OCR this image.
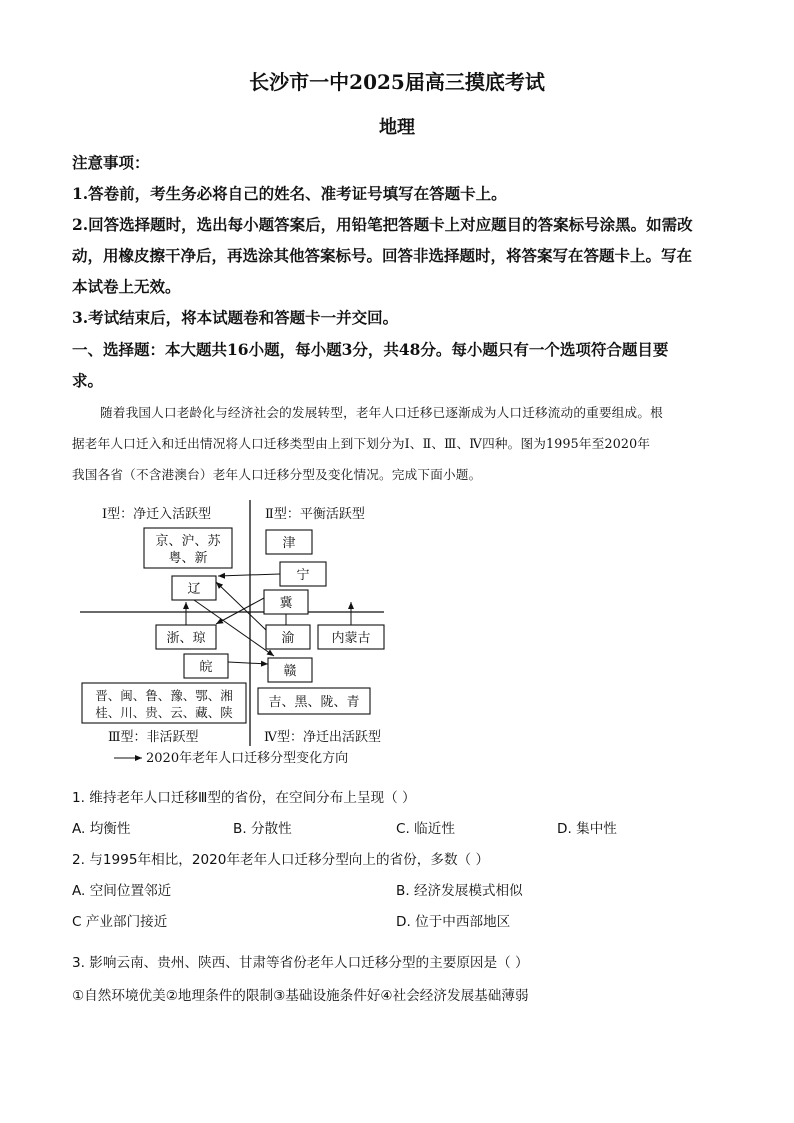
长沙市一中2025届高三摸底考试
地理
注意事项：
1.答卷前，考生务必将自己的姓名、准考证号填写在答题卡上。
2.回答选择题时，选出每小题答案后，用铅笔把答题卡上对应题目的答案标号涂黑。如需改
动，用橡皮擦干净后，再选涂其他答案标号。回答非选择题时，将答案写在答题卡上。写在
本试卷上无效。
3.考试结束后，将本试题卷和答题卡一并交回。
一、选择题：本大题共16小题，每小题3分，共48分。每小题只有一个选项符合题目要
求。
随着我国人口老龄化与经济社会的发展转型，老年人口迁移已逐渐成为人口迁移流动的重要组成。根
据老年人口迁入和迁出情况将人口迁移类型由上到下划分为Ⅰ、Ⅱ、Ⅲ、Ⅳ四种。图为1995年至2020年
我国各省（不含港澳台）老年人口迁移分型及变化情况。完成下面小题。
Ⅰ型：净迁入活跃型	Ⅱ型：平衡活跃型
Ⅲ型：非活跃型	Ⅳ型：净迁出活跃型
京、沪、苏
粤、新
辽
浙、琼
皖
晋、闽、鲁、豫、鄂、湘
桂、川、贵、云、藏、陕
津
宁
冀
渝	内蒙古
赣
吉、黑、陇、青
2020年老年人口迁移分型变化方向
1. 维持老年人口迁移Ⅲ型的省份，在空间分布上呈现（ ）
A. 均衡性	B. 分散性	C. 临近性	D. 集中性
2. 与1995年相比，2020年老年人口迁移分型向上的省份，多数（ ）
A. 空间位置邻近	B. 经济发展模式相似
C 产业部门接近	D. 位于中西部地区
3. 影响云南、贵州、陕西、甘肃等省份老年人口迁移分型的主要原因是（ ）
①自然环境优美②地理条件的限制③基础设施条件好④社会经济发展基础薄弱
